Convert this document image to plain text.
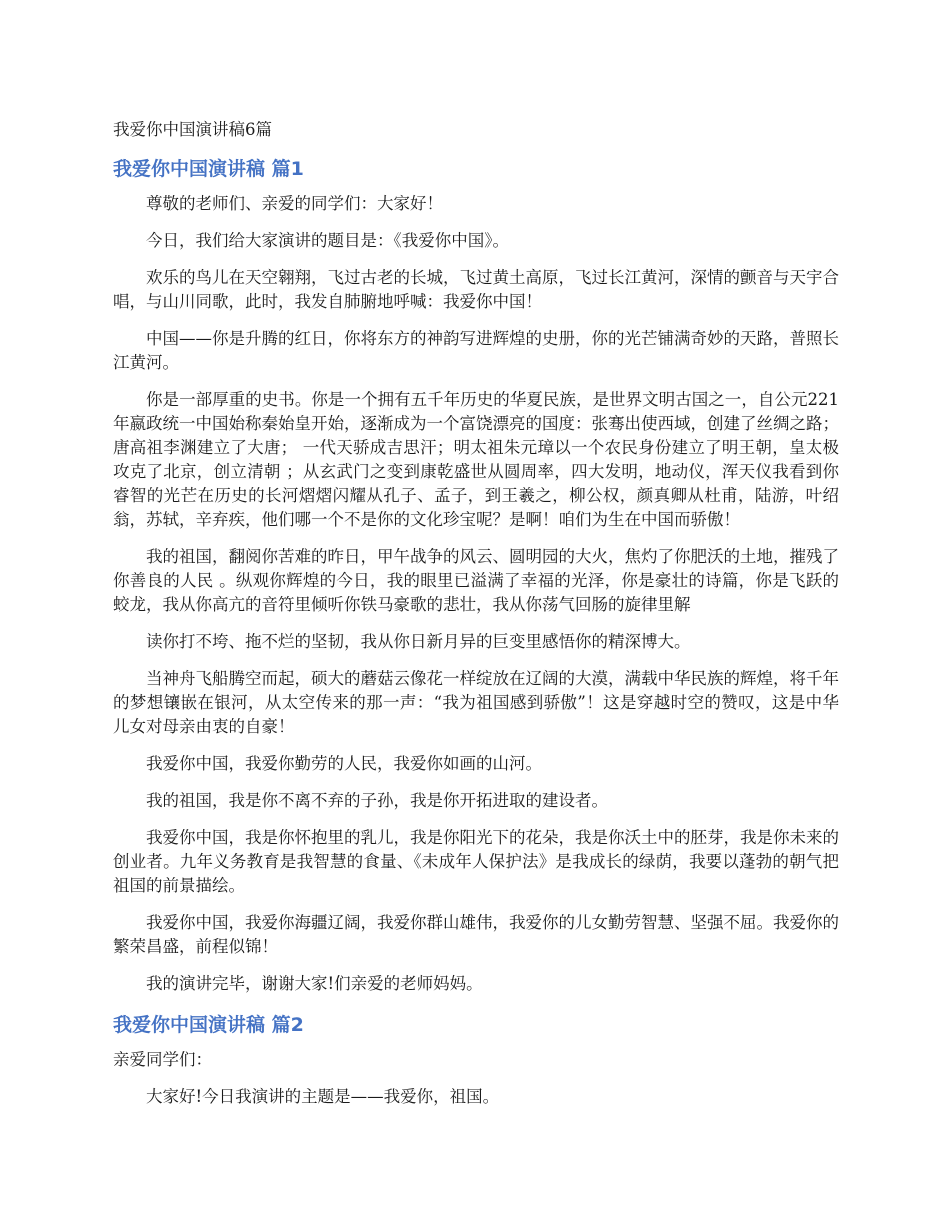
我爱你中国演讲稿6篇
我爱你中国演讲稿 篇1

尊敬的老师们、亲爱的同学们：大家好！

今日，我们给大家演讲的题目是：《我爱你中国》。

欢乐的鸟儿在天空翱翔，飞过古老的长城，飞过黄土高原，飞过长江黄河，深情的颤音与天宇合唱，与山川同歌，此时，我发自肺腑地呼喊：我爱你中国！

中国——你是升腾的红日，你将东方的神韵写进辉煌的史册，你的光芒铺满奇妙的天路，普照长江黄河。

你是一部厚重的史书。你是一个拥有五千年历史的华夏民族，是世界文明古国之一，自公元221年嬴政统一中国始称秦始皇开始，逐渐成为一个富饶漂亮的国度：张骞出使西域，创建了丝绸之路；唐高祖李渊建立了大唐； 一代天骄成吉思汗；明太祖朱元璋以一个农民身份建立了明王朝，皇太极攻克了北京，创立清朝 ；从玄武门之变到康乾盛世从圆周率，四大发明，地动仪，浑天仪我看到你睿智的光芒在历史的长河熠熠闪耀从孔子、孟子，到王羲之，柳公权，颜真卿从杜甫，陆游，叶绍翁，苏轼，辛弃疾，他们哪一个不是你的文化珍宝呢？是啊！咱们为生在中国而骄傲！

我的祖国，翻阅你苦难的昨日，甲午战争的风云、圆明园的大火，焦灼了你肥沃的土地，摧残了你善良的人民 。纵观你辉煌的今日，我的眼里已溢满了幸福的光泽，你是豪壮的诗篇，你是飞跃的蛟龙，我从你高亢的音符里倾听你铁马豪歌的悲壮，我从你荡气回肠的旋律里解

读你打不垮、拖不烂的坚韧，我从你日新月异的巨变里感悟你的精深博大。

当神舟飞船腾空而起，硕大的蘑菇云像花一样绽放在辽阔的大漠，满载中华民族的辉煌，将千年的梦想镶嵌在银河，从太空传来的那一声：“我为祖国感到骄傲”！这是穿越时空的赞叹，这是中华儿女对母亲由衷的自豪！

我爱你中国，我爱你勤劳的人民，我爱你如画的山河。

我的祖国，我是你不离不弃的子孙，我是你开拓进取的建设者。

我爱你中国，我是你怀抱里的乳儿，我是你阳光下的花朵，我是你沃土中的胚芽，我是你未来的创业者。九年义务教育是我智慧的食量、《未成年人保护法》是我成长的绿荫，我要以蓬勃的朝气把祖国的前景描绘。

我爱你中国，我爱你海疆辽阔，我爱你群山雄伟，我爱你的儿女勤劳智慧、坚强不屈。我爱你的繁荣昌盛，前程似锦！

我的演讲完毕，谢谢大家!们亲爱的老师妈妈。

我爱你中国演讲稿 篇2

亲爱同学们：

大家好!今日我演讲的主题是——我爱你，祖国。
